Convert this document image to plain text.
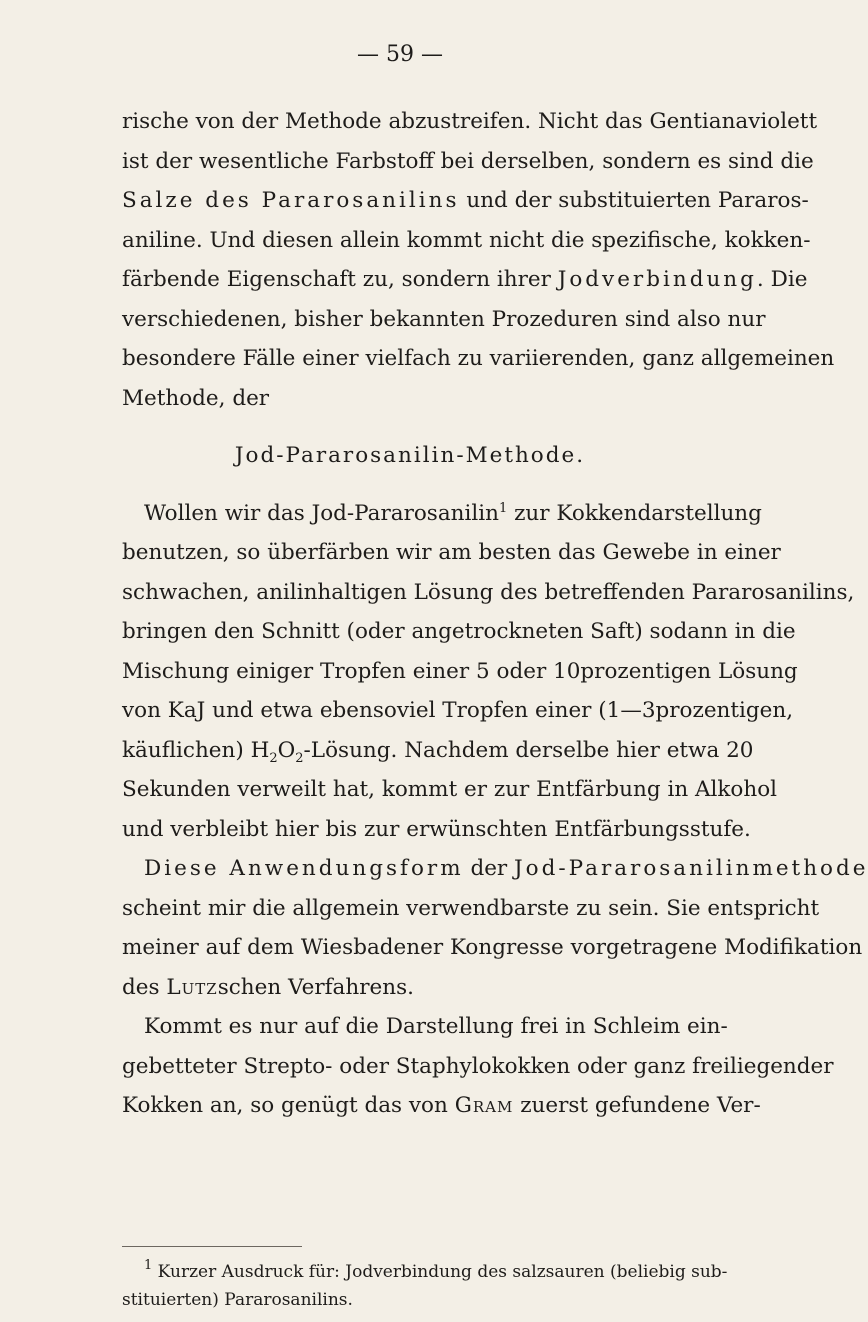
— 59 —
rische von der Methode abzustreifen. Nicht das Gentianaviolett
ist der wesentliche Farbstoff bei derselben, sondern es sind die
Salze des Pararosanilins und der substituierten Pararos-
aniline. Und diesen allein kommt nicht die spezifische, kokken-
färbende Eigenschaft zu, sondern ihrer Jodverbindung. Die
verschiedenen, bisher bekannten Prozeduren sind also nur
besondere Fälle einer vielfach zu variierenden, ganz allgemeinen
Methode, der
Jod-Pararosanilin-Methode.
Wollen wir das Jod-Pararosanilin$^1$ zur Kokkendarstellung
benutzen, so überfärben wir am besten das Gewebe in einer
schwachen, anilinhaltigen Lösung des betreffenden Pararosanilins,
bringen den Schnitt (oder angetrockneten Saft) sodann in die
Mischung einiger Tropfen einer 5 oder 10prozentigen Lösung
von KaJ und etwa ebensoviel Tropfen einer (1—3prozentigen,
käuflichen) $H_2O_2$-Lösung. Nachdem derselbe hier etwa 20
Sekunden verweilt hat, kommt er zur Entfärbung in Alkohol
und verbleibt hier bis zur erwünschten Entfärbungsstufe.
Diese Anwendungsform der Jod-Pararosanilinmethode
scheint mir die allgemein verwendbarste zu sein. Sie entspricht
meiner auf dem Wiesbadener Kongresse vorgetragene Modifikation
des Lutzschen Verfahrens.
Kommt es nur auf die Darstellung frei in Schleim ein-
gebetteter Strepto- oder Staphylokokken oder ganz freiliegender
Kokken an, so genügt das von Gram zuerst gefundene Ver-
$^1$ Kurzer Ausdruck für: Jodverbindung des salzsauren (beliebig sub-
stituierten) Pararosanilins.
